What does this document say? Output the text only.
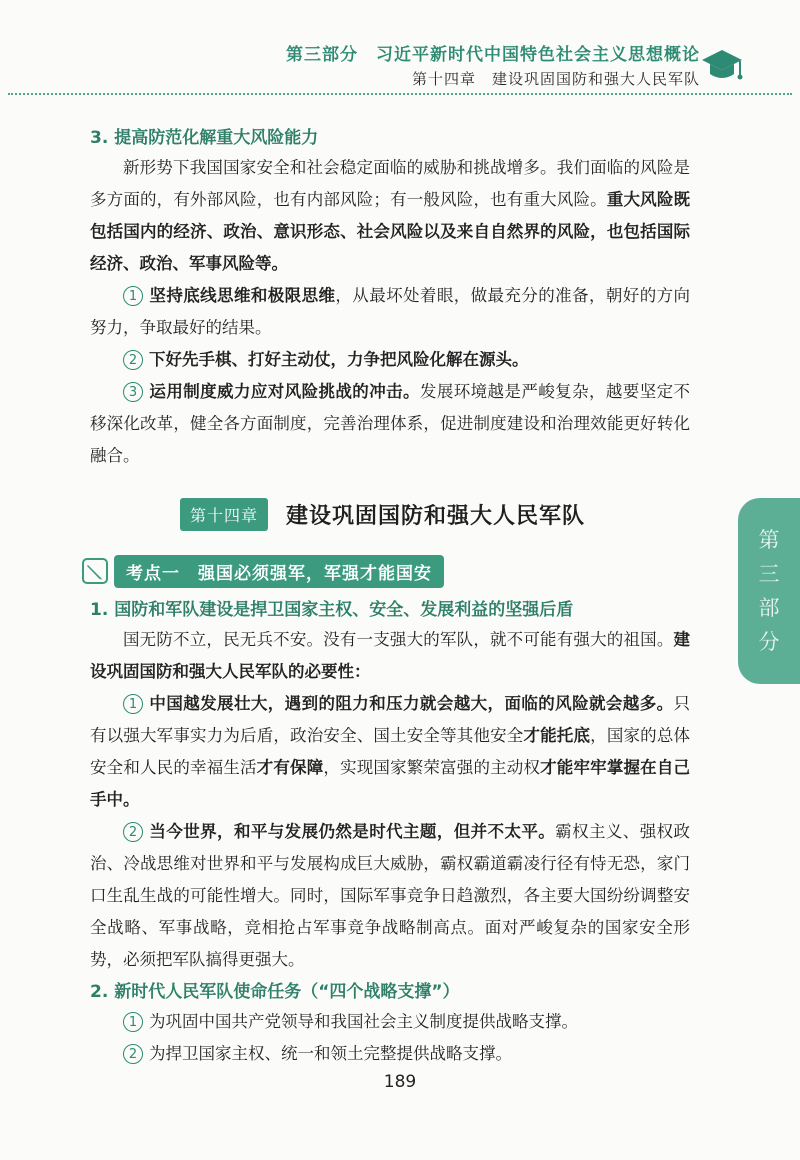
第三部分　习近平新时代中国特色社会主义思想概论
第十四章　建设巩固国防和强大人民军队
3. 提高防范化解重大风险能力

新形势下我国国家安全和社会稳定面临的威胁和挑战增多。我们面临的风险是多方面的，有外部风险，也有内部风险；有一般风险，也有重大风险。重大风险既包括国内的经济、政治、意识形态、社会风险以及来自自然界的风险，也包括国际经济、政治、军事风险等。

1 坚持底线思维和极限思维，从最坏处着眼，做最充分的准备，朝好的方向努力，争取最好的结果。

2 下好先手棋、打好主动仗，力争把风险化解在源头。

3 运用制度威力应对风险挑战的冲击。发展环境越是严峻复杂，越要坚定不移深化改革，健全各方面制度，完善治理体系，促进制度建设和治理效能更好转化融合。

第十四章	建设巩固国防和强大人民军队
考点一　强国必须强军，军强才能国安
1. 国防和军队建设是捍卫国家主权、安全、发展利益的坚强后盾

国无防不立，民无兵不安。没有一支强大的军队，就不可能有强大的祖国。建设巩固国防和强大人民军队的必要性：

1 中国越发展壮大，遇到的阻力和压力就会越大，面临的风险就会越多。只有以强大军事实力为后盾，政治安全、国土安全等其他安全才能托底，国家的总体安全和人民的幸福生活才有保障，实现国家繁荣富强的主动权才能牢牢掌握在自己手中。

2 当今世界，和平与发展仍然是时代主题，但并不太平。霸权主义、强权政治、冷战思维对世界和平与发展构成巨大威胁，霸权霸道霸凌行径有恃无恐，家门口生乱生战的可能性增大。同时，国际军事竞争日趋激烈，各主要大国纷纷调整安全战略、军事战略，竞相抢占军事竞争战略制高点。面对严峻复杂的国家安全形势，必须把军队搞得更强大。

2. 新时代人民军队使命任务（“四个战略支撑”）

1 为巩固中国共产党领导和我国社会主义制度提供战略支撑。

2 为捍卫国家主权、统一和领土完整提供战略支撑。

第
三
部
分
189
